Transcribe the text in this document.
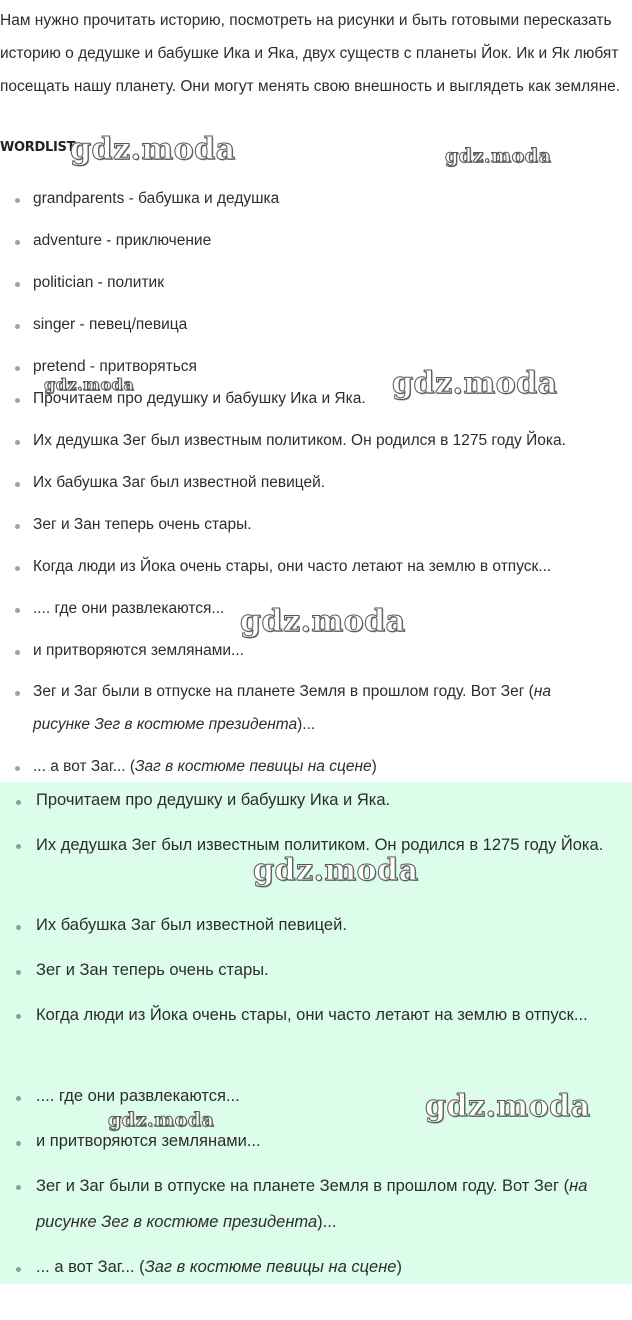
Нам нужно прочитать историю, посмотреть на рисунки и быть готовыми пересказать историю о дедушке и бабушке Ика и Яка, двух существ с планеты Йок. Ик и Як любят посещать нашу планету. Они могут менять свою внешность и выглядеть как земляне.

WORDLIST

grandparents - бабушка и дедушка
adventure - приключение
politician - политик
singer - певец/певица
pretend - притворяться
Прочитаем про дедушку и бабушку Ика и Яка.
Их дедушка Зег был известным политиком. Он родился в 1275 году Йока.
Их бабушка Заг был известной певицей.
Зег и Зан теперь очень стары.
Когда люди из Йока очень стары, они часто летают на землю в отпуск...
.... где они развлекаются...
и притворяются землянами...
Зег и Заг были в отпуске на планете Земля в прошлом году. Вот Зег (на рисунке Зег в костюме президента)...
... а вот Заг... (Заг в костюме певицы на сцене)
Прочитаем про дедушку и бабушку Ика и Яка.
Их дедушка Зег был известным политиком. Он родился в 1275 году Йока.
Их бабушка Заг был известной певицей.
Зег и Зан теперь очень стары.
Когда люди из Йока очень стары, они часто летают на землю в отпуск...
.... где они развлекаются...
и притворяются землянами...
Зег и Заг были в отпуске на планете Земля в прошлом году. Вот Зег (на рисунке Зег в костюме президента)...
... а вот Заг... (Заг в костюме певицы на сцене)
gdz.moda	gdz.moda
gdz.moda	gdz.moda
gdz.moda
gdz.moda
gdz.moda
gdz.moda
